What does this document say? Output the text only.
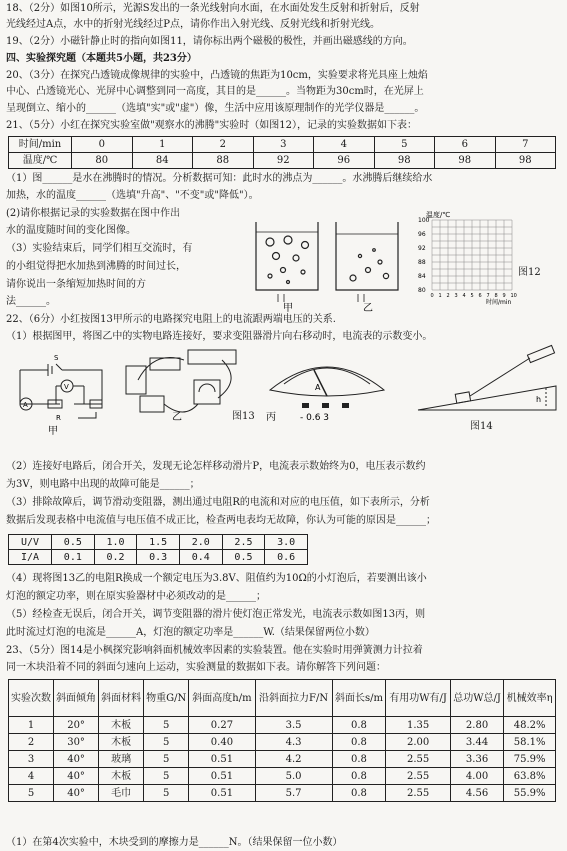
18、（2分）如图10所示，光源S发出的一条光线射向水面，在水面处发生反射和折射后，反射
光线经过A点，水中的折射光线经过P点，请你作出入射光线、反射光线和折射光线。
19、（2分）小磁针静止时的指向如图11，请你标出两个磁极的极性，并画出磁感线的方向。
四、实验探究题（本题共5小题，共23分）
20、（3分）在探究凸透镜成像规律的实验中，凸透镜的焦距为10cm，实验要求将光具座上烛焰
中心、凸透镜光心、光屏中心调整到同一高度，其目的是______。当物距为30cm时，在光屏上
呈现倒立、缩小的______（选填"实"或"虚"）像，生活中应用该原理制作的光学仪器是______。
21、（5分）小红在探究实验室做"观察水的沸腾"实验时（如图12），记录的实验数据如下表：
时间/min	0	1	2	3	4	5	6	7
温度/℃	80	84	88	92	96	98	98	98
（1）图______是水在沸腾时的情况。分析数据可知：此时水的沸点为______。水沸腾后继续给水
加热，水的温度______（选填"升高"、"不变"或"降低"）。
(2)请你根据记录的实验数据在图中作出
水的温度随时间的变化图像。
（3）实验结束后，同学们相互交流时，有
的小组觉得把水加热到沸腾的时间过长，
请你说出一条缩短加热时间的方
法______。
甲	乙
温度/℃
100
96
92
88
84
80
0 1 2 3 4 5 6 7 8 9 10
时间/min
图12
22、（6分）小红按图13甲所示的电路探究电阻上的电流跟两端电压的关系.
（1）根据图甲，将图乙中的实物电路连接好，要求变阻器滑片向右移动时，电流表的示数变小。
V
A
S
R
甲
乙
A
丙	- 0.6 3
图13
h
图14
（2）连接好电路后，闭合开关，发现无论怎样移动滑片P，电流表示数始终为0，电压表示数约
为3V，则电路中出现的故障可能是______；
（3）排除故障后，调节滑动变阻器，测出通过电阻R的电流和对应的电压值，如下表所示，分析
数据后发现表格中电流值与电压值不成正比，检查两电表均无故障，你认为可能的原因是______；
U/V	0.5	1.0	1.5	2.0	2.5	3.0
I/A	0.1	0.2	0.3	0.4	0.5	0.6
（4）现将图13乙的电阻R换成一个额定电压为3.8V、阻值约为10Ω的小灯泡后，若要测出该小
灯泡的额定功率，则在原实验器材中必须改动的是______；
（5）经检查无误后，闭合开关，调节变阻器的滑片使灯泡正常发光，电流表示数如图13丙，则
此时流过灯泡的电流是______A，灯泡的额定功率是______W.（结果保留两位小数）
23、（5分）图14是小枫探究影响斜面机械效率因素的实验装置。他在实验时用弹簧测力计拉着
同一木块沿着不同的斜面匀速向上运动，实验测量的数据如下表。请你解答下列问题：
实验次数	斜面倾角	斜面材料	物重G/N	斜面高度h/m	沿斜面拉力F/N	斜面长s/m	有用功W有/J	总功W总/J	机械效率η
1	20°	木板	5	0.27	3.5	0.8	1.35	2.80	48.2%
2	30°	木板	5	0.40	4.3	0.8	2.00	3.44	58.1%
3	40°	玻璃	5	0.51	4.2	0.8	2.55	3.36	75.9%
4	40°	木板	5	0.51	5.0	0.8	2.55	4.00	63.8%
5	40°	毛巾	5	0.51	5.7	0.8	2.55	4.56	55.9%
（1）在第4次实验中，木块受到的摩擦力是______N。（结果保留一位小数）
